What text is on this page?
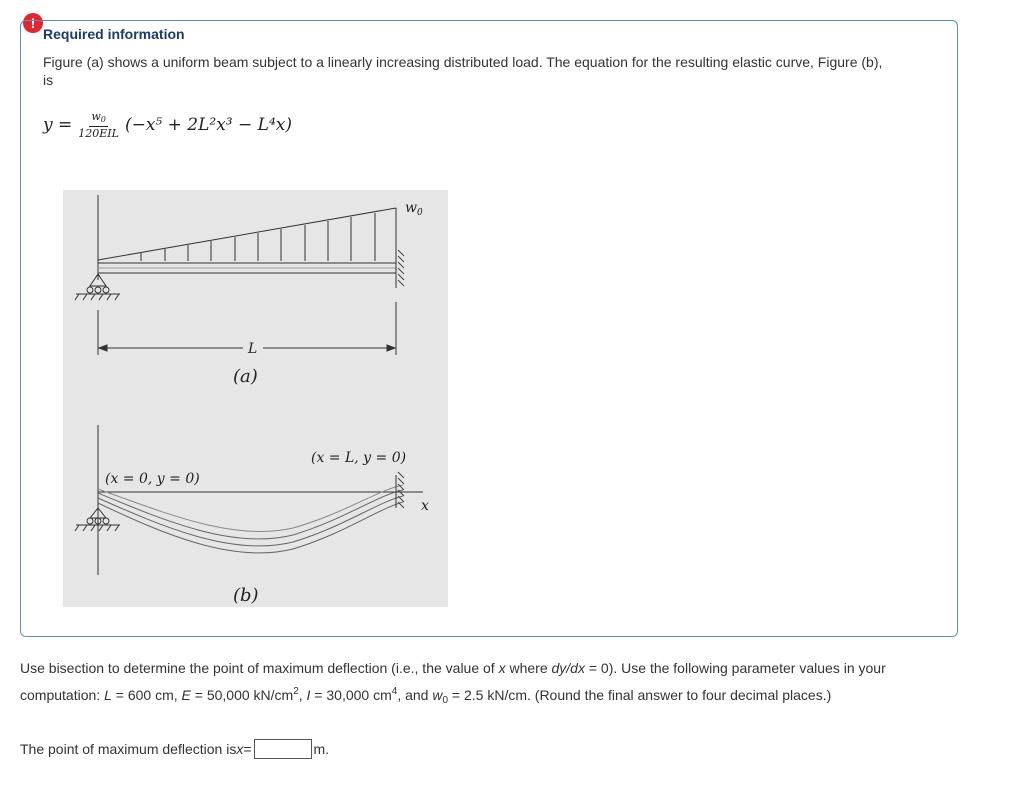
!
Required information
Figure (a) shows a uniform beam subject to a linearly increasing distributed load. The equation for the resulting elastic curve, Figure (b), is
$y = \frac{w0}{\text{120EIL}} (-x^5 + 2L^2x^3 - L^4x)$
$w_0$
L
(a)
(x = 0, y = 0)
(x = L, y = 0)
x
(b)
Use bisection to determine the point of maximum deflection (i.e., the value of x where dy/dx = 0). Use the following parameter values in your computation: L = 600 cm, E = 50,000 $kN/cm^2$, I = 30,000 $cm^4$, and $w_0 = 2.5$ kN/cm. (Round the final answer to four decimal places.)
The point of maximum deflection is x =	m.
